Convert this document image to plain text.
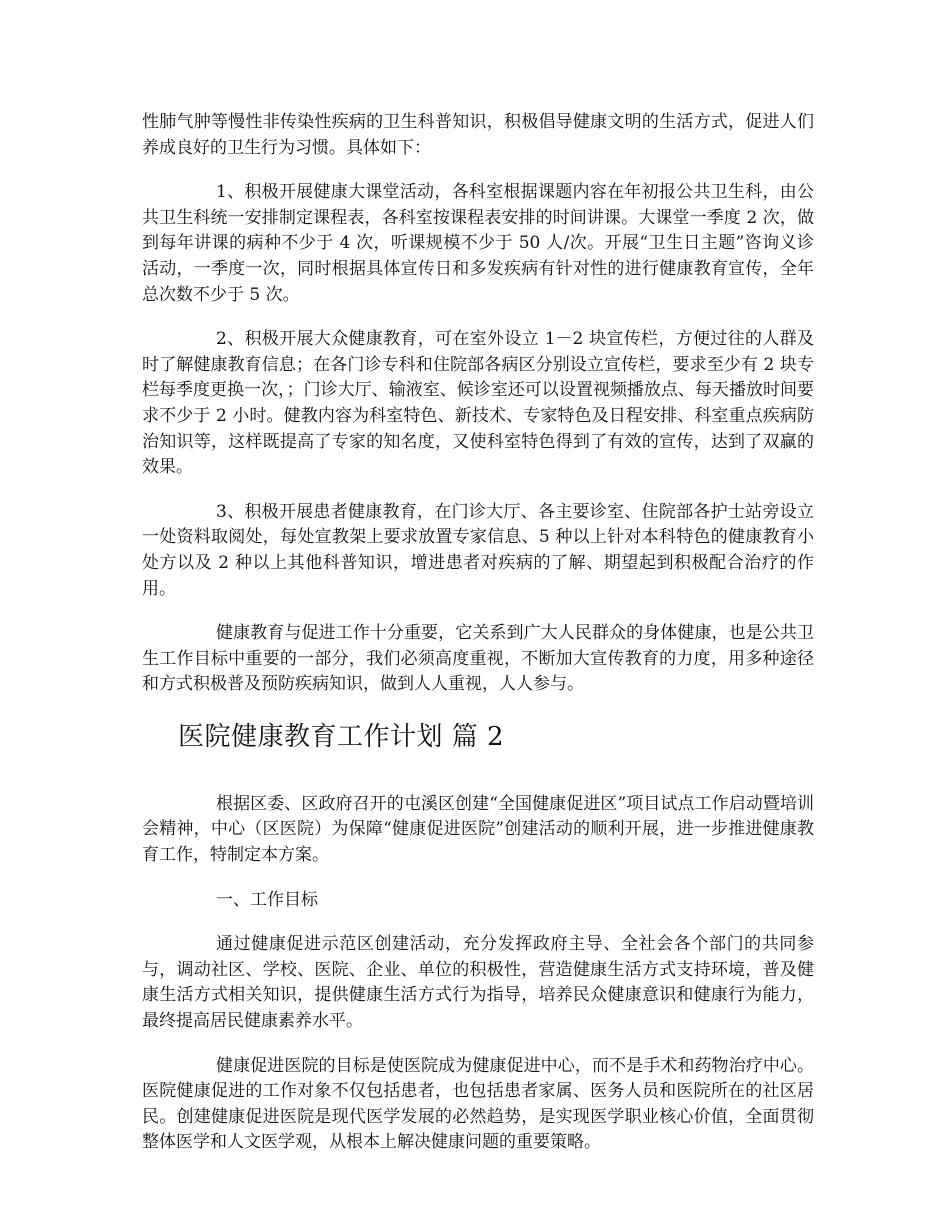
性肺气肿等慢性非传染性疾病的卫生科普知识，积极倡导健康文明的生活方式，促进人们养成良好的卫生行为习惯。具体如下：

1、积极开展健康大课堂活动，各科室根据课题内容在年初报公共卫生科，由公共卫生科统一安排制定课程表，各科室按课程表安排的时间讲课。大课堂一季度 2 次，做到每年讲课的病种不少于 4 次，听课规模不少于 50 人/次。开展“卫生日主题”咨询义诊活动，一季度一次，同时根据具体宣传日和多发疾病有针对性的进行健康教育宣传，全年总次数不少于 5 次。

2、积极开展大众健康教育，可在室外设立 1－2 块宣传栏，方便过往的人群及时了解健康教育信息；在各门诊专科和住院部各病区分别设立宣传栏，要求至少有 2 块专栏每季度更换一次，；门诊大厅、输液室、候诊室还可以设置视频播放点、每天播放时间要求不少于 2 小时。健教内容为科室特色、新技术、专家特色及日程安排、科室重点疾病防治知识等，这样既提高了专家的知名度，又使科室特色得到了有效的宣传，达到了双赢的效果。

3、积极开展患者健康教育，在门诊大厅、各主要诊室、住院部各护士站旁设立一处资料取阅处，每处宣教架上要求放置专家信息、5 种以上针对本科特色的健康教育小处方以及 2 种以上其他科普知识，增进患者对疾病的了解、期望起到积极配合治疗的作用。

健康教育与促进工作十分重要，它关系到广大人民群众的身体健康，也是公共卫生工作目标中重要的一部分，我们必须高度重视，不断加大宣传教育的力度，用多种途径和方式积极普及预防疾病知识，做到人人重视，人人参与。

医院健康教育工作计划 篇 2

根据区委、区政府召开的屯溪区创建“全国健康促进区”项目试点工作启动暨培训会精神，中心（区医院）为保障“健康促进医院”创建活动的顺利开展，进一步推进健康教育工作，特制定本方案。

一、工作目标

通过健康促进示范区创建活动，充分发挥政府主导、全社会各个部门的共同参与，调动社区、学校、医院、企业、单位的积极性，营造健康生活方式支持环境，普及健康生活方式相关知识，提供健康生活方式行为指导，培养民众健康意识和健康行为能力，最终提高居民健康素养水平。

健康促进医院的目标是使医院成为健康促进中心，而不是手术和药物治疗中心。医院健康促进的工作对象不仅包括患者，也包括患者家属、医务人员和医院所在的社区居民。创建健康促进医院是现代医学发展的必然趋势，是实现医学职业核心价值，全面贯彻整体医学和人文医学观，从根本上解决健康问题的重要策略。
